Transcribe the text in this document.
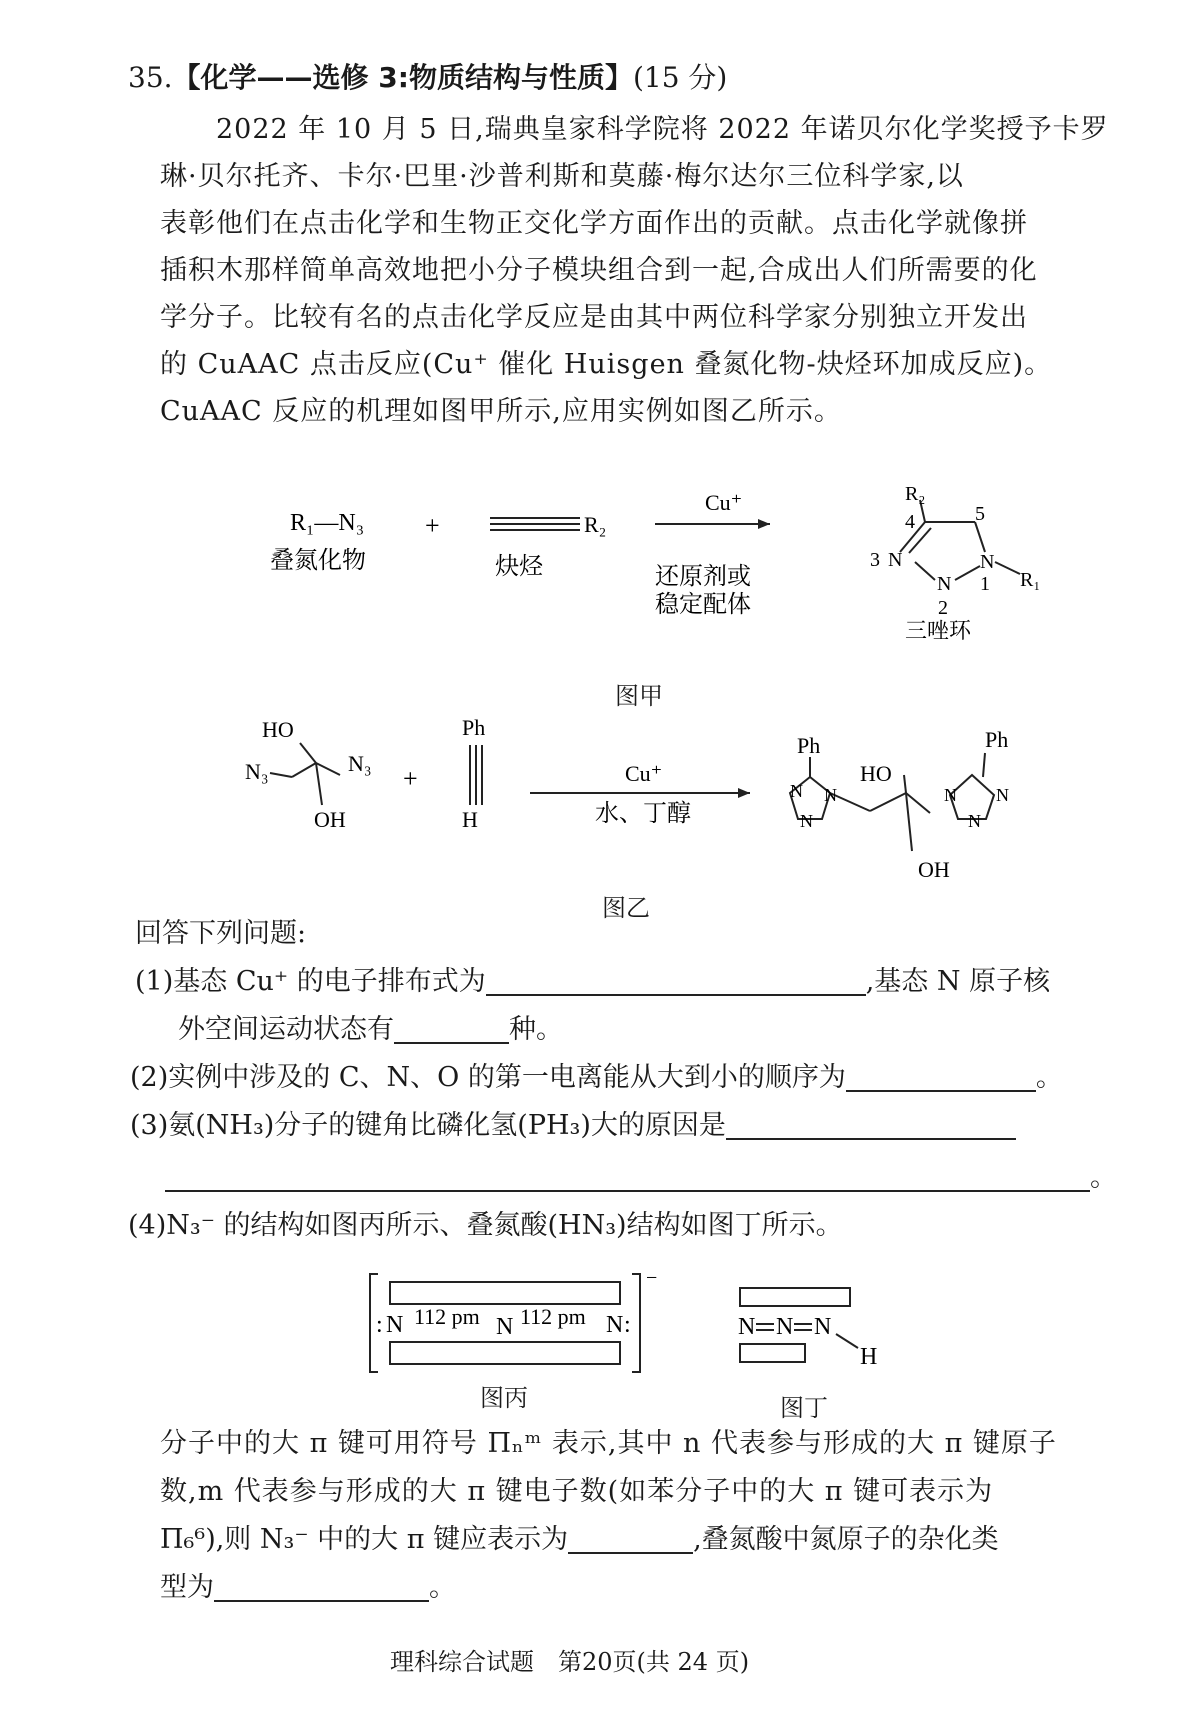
35.【化学——选修 3:物质结构与性质】(15 分)
2022 年 10 月 5 日,瑞典皇家科学院将 2022 年诺贝尔化学奖授予卡罗
琳·贝尔托齐、卡尔·巴里·沙普利斯和莫藤·梅尔达尔三位科学家,以
表彰他们在点击化学和生物正交化学方面作出的贡献。点击化学就像拼
插积木那样简单高效地把小分子模块组合到一起,合成出人们所需要的化
学分子。比较有名的点击化学反应是由其中两位科学家分别独立开发出
的 CuAAC 点击反应(Cu⁺ 催化 Huisgen 叠氮化物-炔烃环加成反应)。
CuAAC 反应的机理如图甲所示,应用实例如图乙所示。
R₁—N₃
叠氮化物
+	R₂
炔烃
Cu⁺
还原剂或
稳定配体
R₂
4	5
3 N
N
2
N
1 R₁
三唑环
图甲
HO
N₃
N₃
OH
+
Ph
H
Cu⁺
水、丁醇
Ph	Ph
HO
OH
N
N
N	N
N
N
图乙
回答下列问题:
(1)基态 Cu⁺ 的电子排布式为	,基态 N 原子核
外空间运动状态有	种。
(2)实例中涉及的 C、N、O 的第一电离能从大到小的顺序为	。
(3)氨(NH₃)分子的键角比磷化氢(PH₃)大的原因是
。
(4)N₃⁻ 的结构如图丙所示、叠氮酸(HN₃)结构如图丁所示。
−
: N	N	N :
112 pm 112 pm
图丙
N N N
H
图丁
分子中的大 π 键可用符号 Πₙᵐ 表示,其中 n 代表参与形成的大 π 键原子
数,m 代表参与形成的大 π 键电子数(如苯分子中的大 π 键可表示为
Π₆⁶),则 N₃⁻ 中的大 π 键应表示为	,叠氮酸中氮原子的杂化类
型为	。
理科综合试题　第20页(共 24 页)
